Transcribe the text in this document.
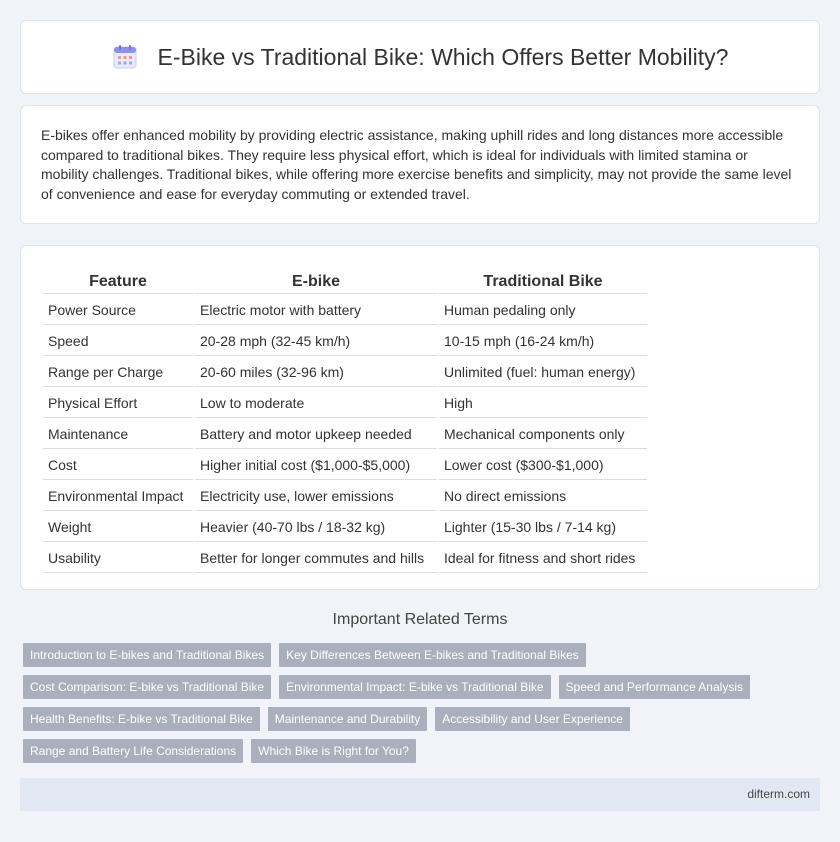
E-Bike vs Traditional Bike: Which Offers Better Mobility?

E-bikes offer enhanced mobility by providing electric assistance, making uphill rides and long distances more accessible compared to traditional bikes. They require less physical effort, which is ideal for individuals with limited stamina or mobility challenges. Traditional bikes, while offering more exercise benefits and simplicity, may not provide the same level of convenience and ease for everyday commuting or extended travel.

Feature	E-bike	Traditional Bike
Power Source	Electric motor with battery	Human pedaling only
Speed	20-28 mph (32-45 km/h)	10-15 mph (16-24 km/h)
Range per Charge	20-60 miles (32-96 km)	Unlimited (fuel: human energy)
Physical Effort	Low to moderate	High
Maintenance	Battery and motor upkeep needed	Mechanical components only
Cost	Higher initial cost ($1,000-$5,000)	Lower cost ($300-$1,000)
Environmental Impact	Electricity use, lower emissions	No direct emissions
Weight	Heavier (40-70 lbs / 18-32 kg)	Lighter (15-30 lbs / 7-14 kg)
Usability	Better for longer commutes and hills	Ideal for fitness and short rides
Important Related Terms
Introduction to E-bikes and Traditional Bikes	Key Differences Between E-bikes and Traditional Bikes
Cost Comparison: E-bike vs Traditional Bike	Environmental Impact: E-bike vs Traditional Bike	Speed and Performance Analysis
Health Benefits: E-bike vs Traditional Bike	Maintenance and Durability	Accessibility and User Experience
Range and Battery Life Considerations	Which Bike is Right for You?
difterm.com
